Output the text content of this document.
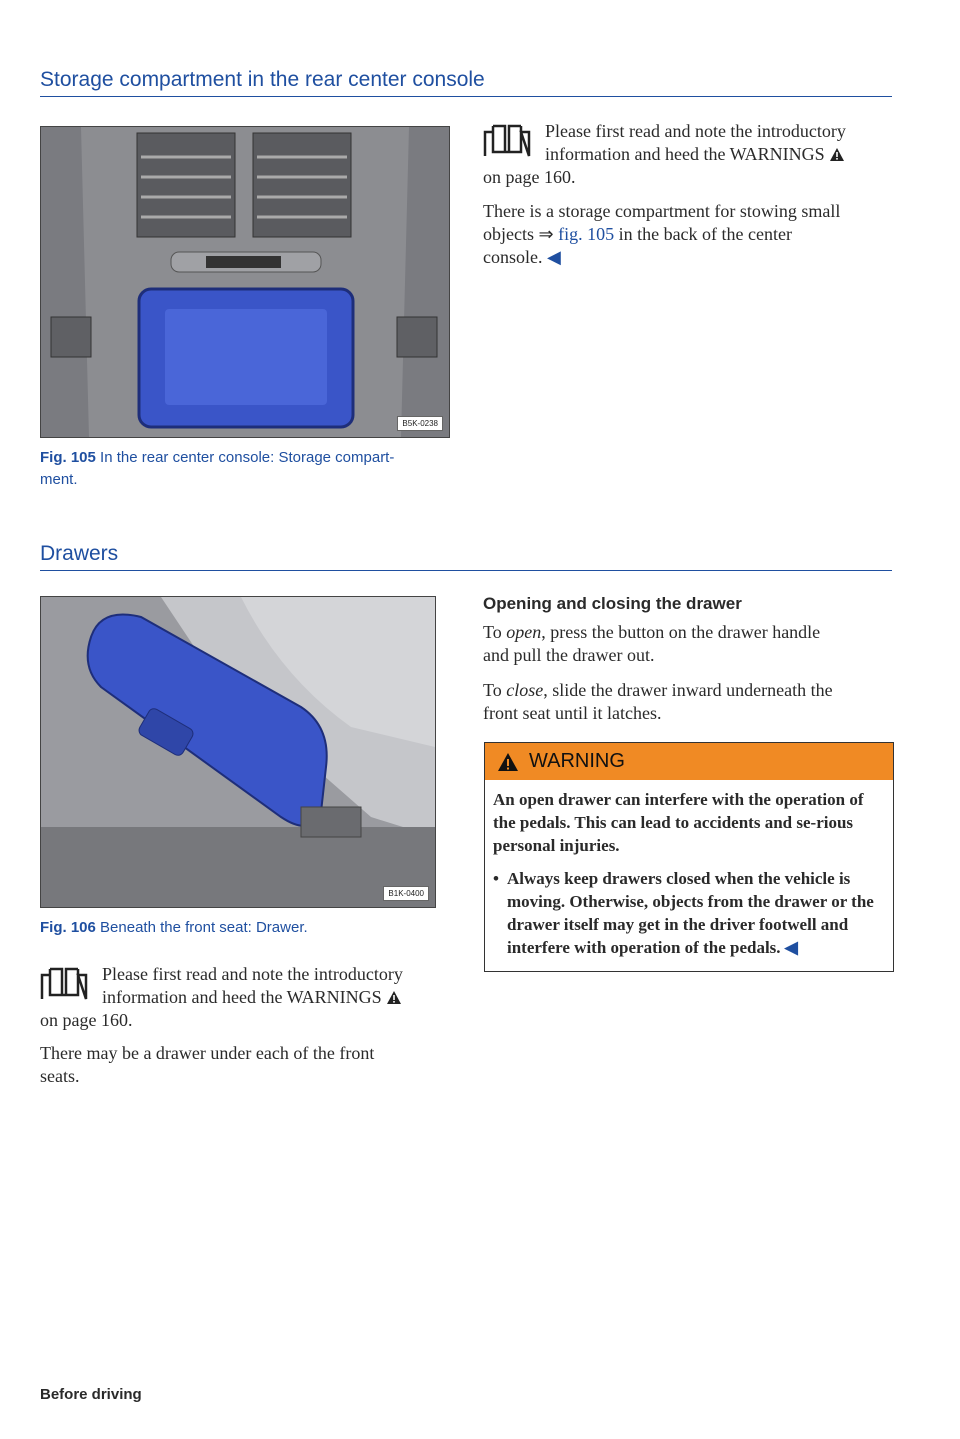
Storage compartment in the rear center console
B5K-0238
Fig. 105 In the rear center console: Storage compart-
ment.
Please first read and note the introductory
information and heed the WARNINGS
on page 160.
There is a storage compartment for stowing small
objects ⇒ fig. 105 in the back of the center
console. ◀
Drawers
B1K-0400
Fig. 106 Beneath the front seat: Drawer.
Please first read and note the introductory
information and heed the WARNINGS
on page 160.
There may be a drawer under each of the front
seats.
Opening and closing the drawer
To open, press the button on the drawer handle
and pull the drawer out.
To close, slide the drawer inward underneath the
front seat until it latches.
WARNING

An open drawer can interfere with the operation of the pedals. This can lead to accidents and se-rious personal injuries.

• Always keep drawers closed when the vehicle is moving. Otherwise, objects from the drawer or the drawer itself may get in the driver footwell and interfere with operation of the pedals. ◀

Before driving
